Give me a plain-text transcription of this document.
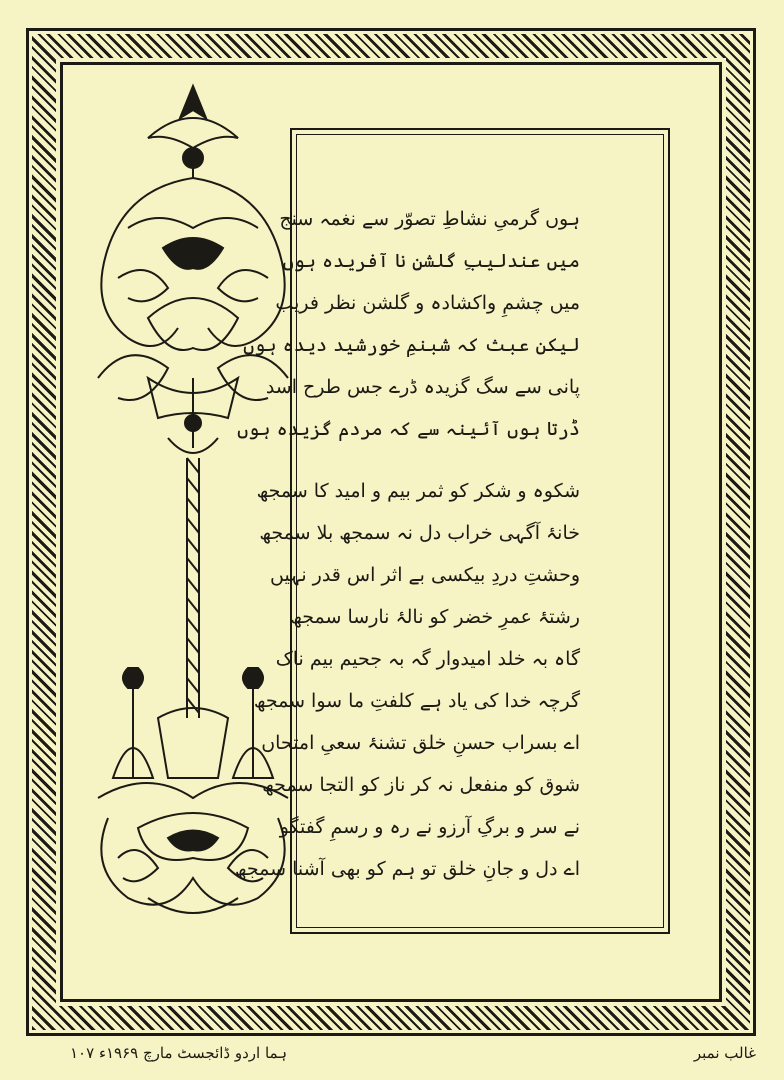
ہوں گرمیِ نشاطِ تصوّر سے نغمہ سنج
میں عندلیبِ گلشنِ نا آفریدہ ہوں
میں چشمِ واکشادہ و گلشن نظر فریب
لیکن عبث کہ شبنمِ خورشید دیدہ ہوں
پانی سے سگ گزیدہ ڈرے جس طرح اسد
ڈرتا ہوں آئینہ سے کہ مردم گزیدہ ہوں
شکوہ و شکر کو ثمر بیم و امید کا سمجھ
خانۂ آگہی خراب دل نہ سمجھ بلا سمجھ
وحشتِ دردِ بیکسی بے اثر اس قدر نہیں
رشتۂ عمرِ خضر کو نالۂ نارسا سمجھ
گاہ بہ خلد امیدوار گہ بہ جحیم بیم ناک
گرچہ خدا کی یاد ہے کلفتِ ما سوا سمجھ
اے بسراب حسنِ خلق تشنۂ سعیِ امتحاں
شوق کو منفعل نہ کر ناز کو التجا سمجھ
نے سر و برگِ آرزو نے رہ و رسمِ گفتگو
اے دل و جانِ خلق تو ہم کو بھی آشنا سمجھ
ہما اردو ڈائجسٹ مارچ ۱۹۶۹ء ۱۰۷	غالب نمبر
